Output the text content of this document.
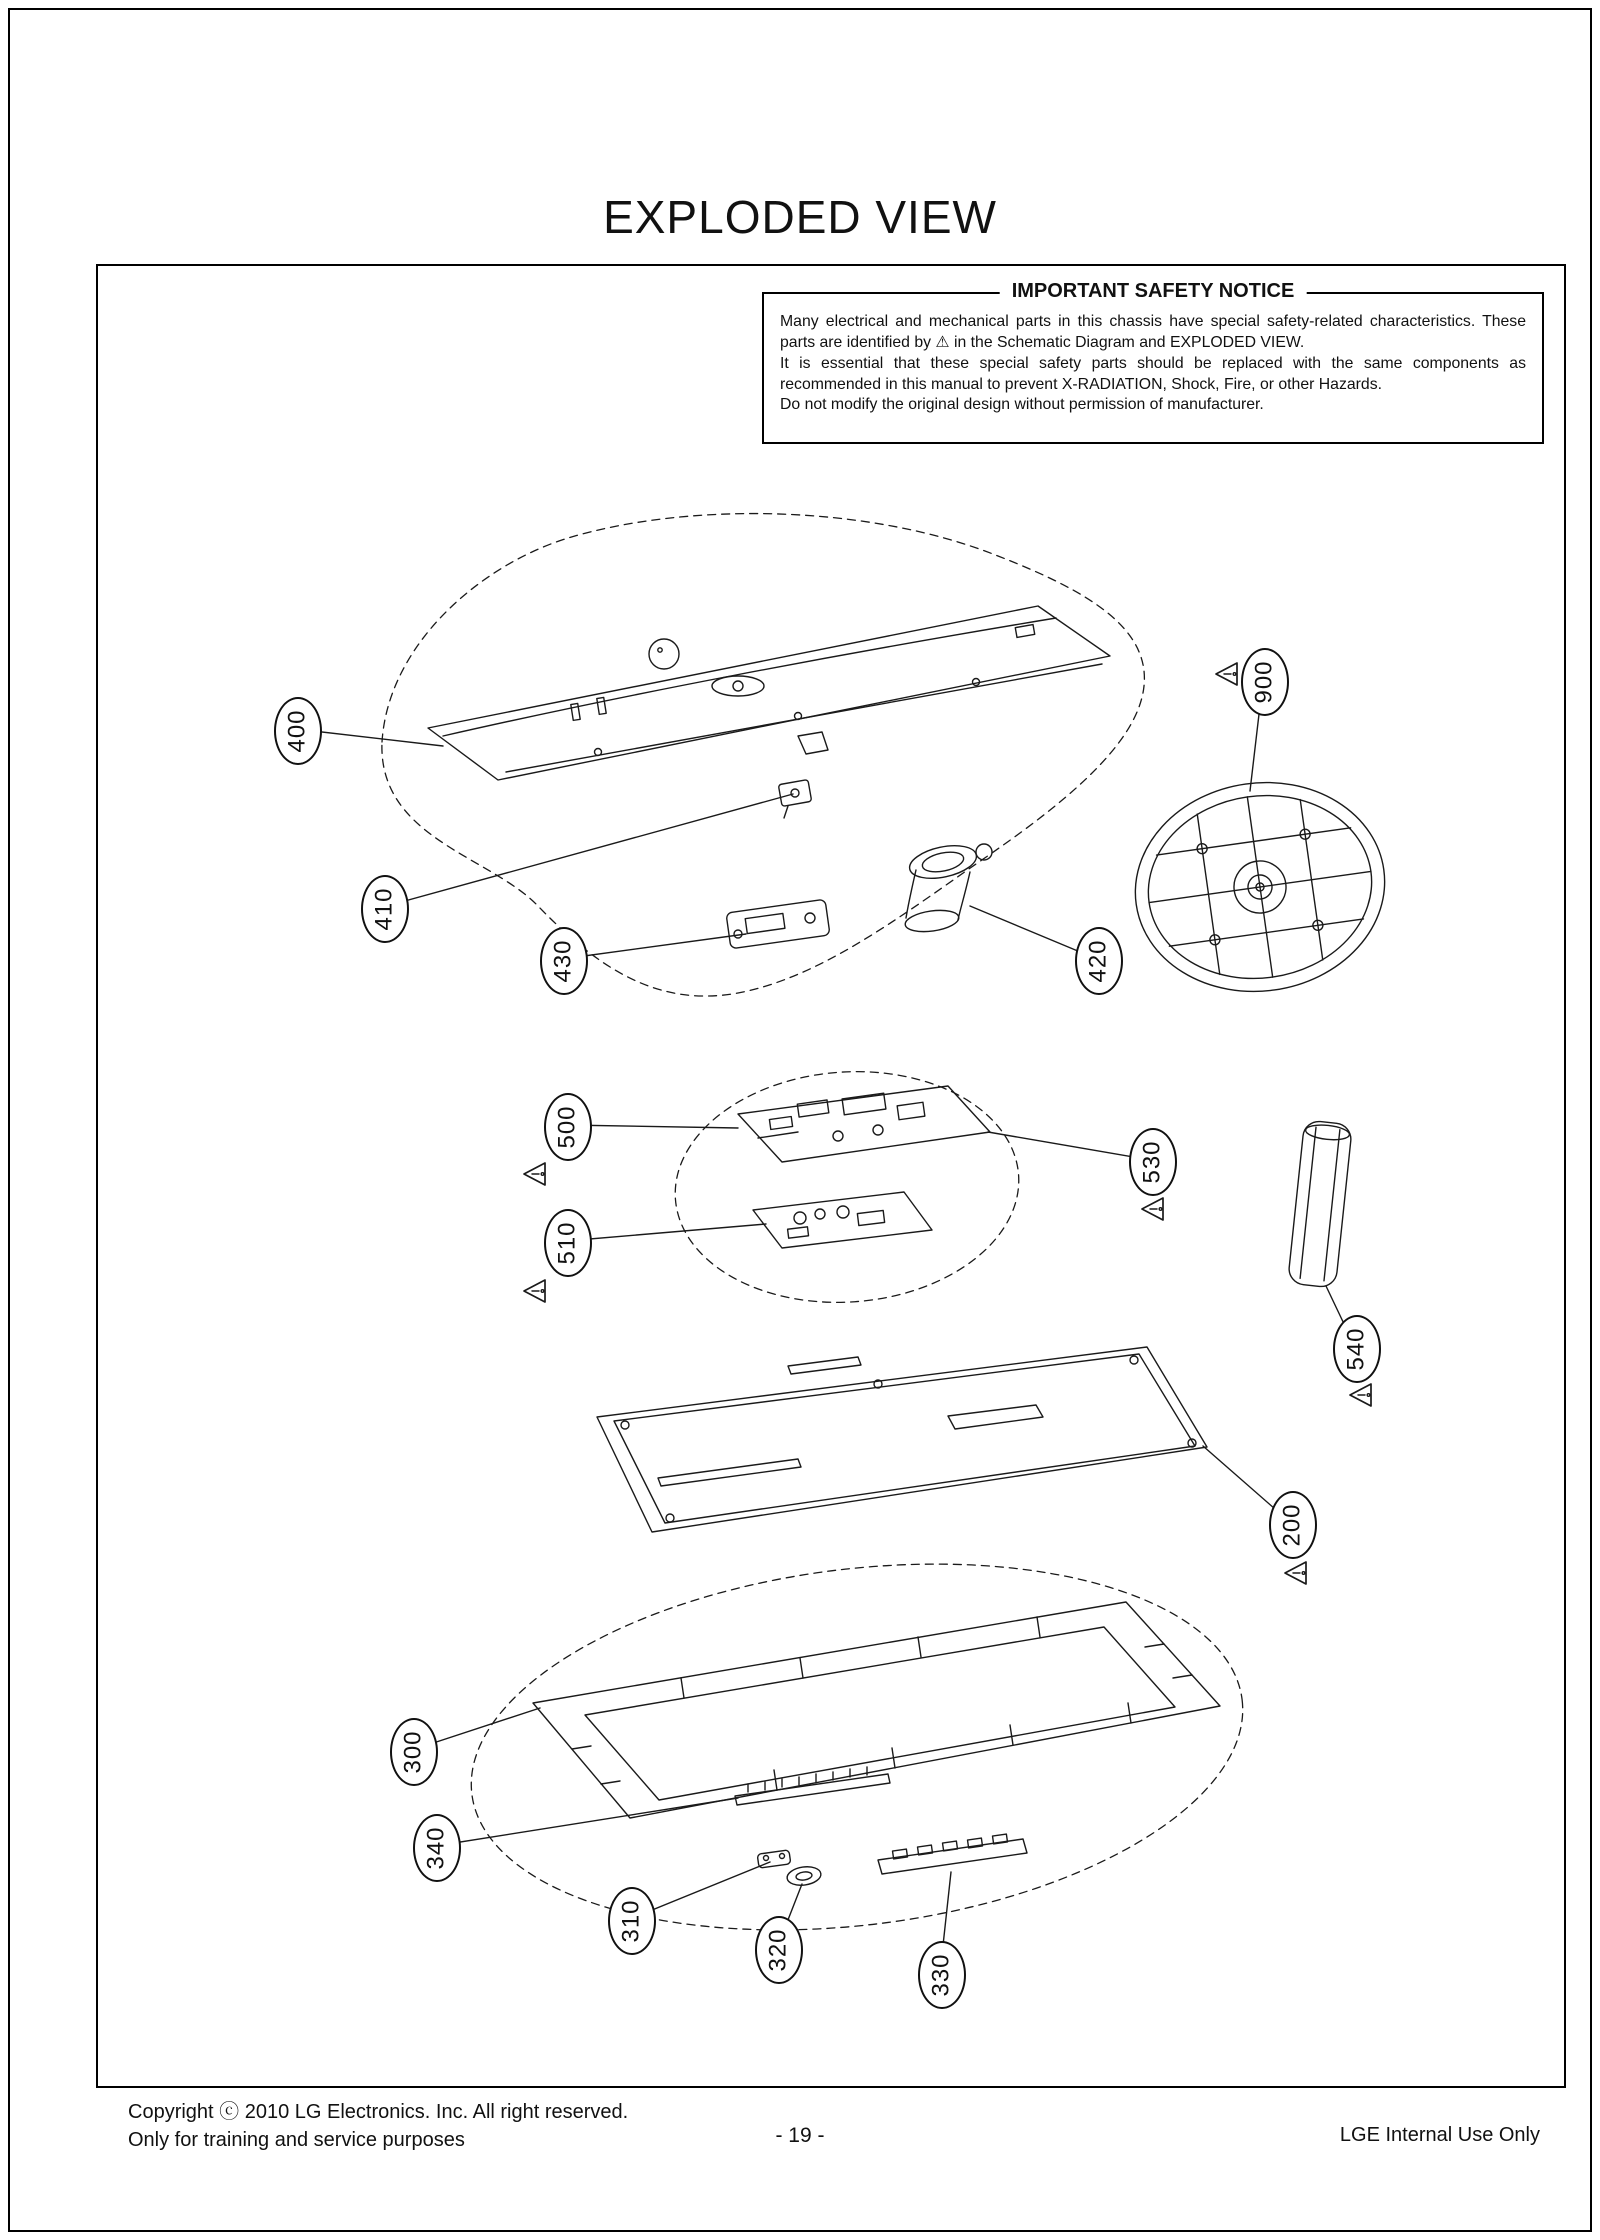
EXPLODED VIEW
IMPORTANT SAFETY NOTICE

Many electrical and mechanical parts in this chassis have special safety-related characteristics. These parts are identified by ⚠ in the Schematic Diagram and EXPLODED VIEW.

It is essential that these special safety parts should be replaced with the same components as recommended in this manual to prevent X-RADIATION, Shock, Fire, or other Hazards.

Do not modify the original design without permission of manufacturer.

400
410
430	420
900
500
510
530
540
200
300
340
310
320
330
Copyright ⓒ 2010 LG Electronics. Inc. All right reserved.
Only for training and service purposes	- 19 -	LGE Internal Use Only
